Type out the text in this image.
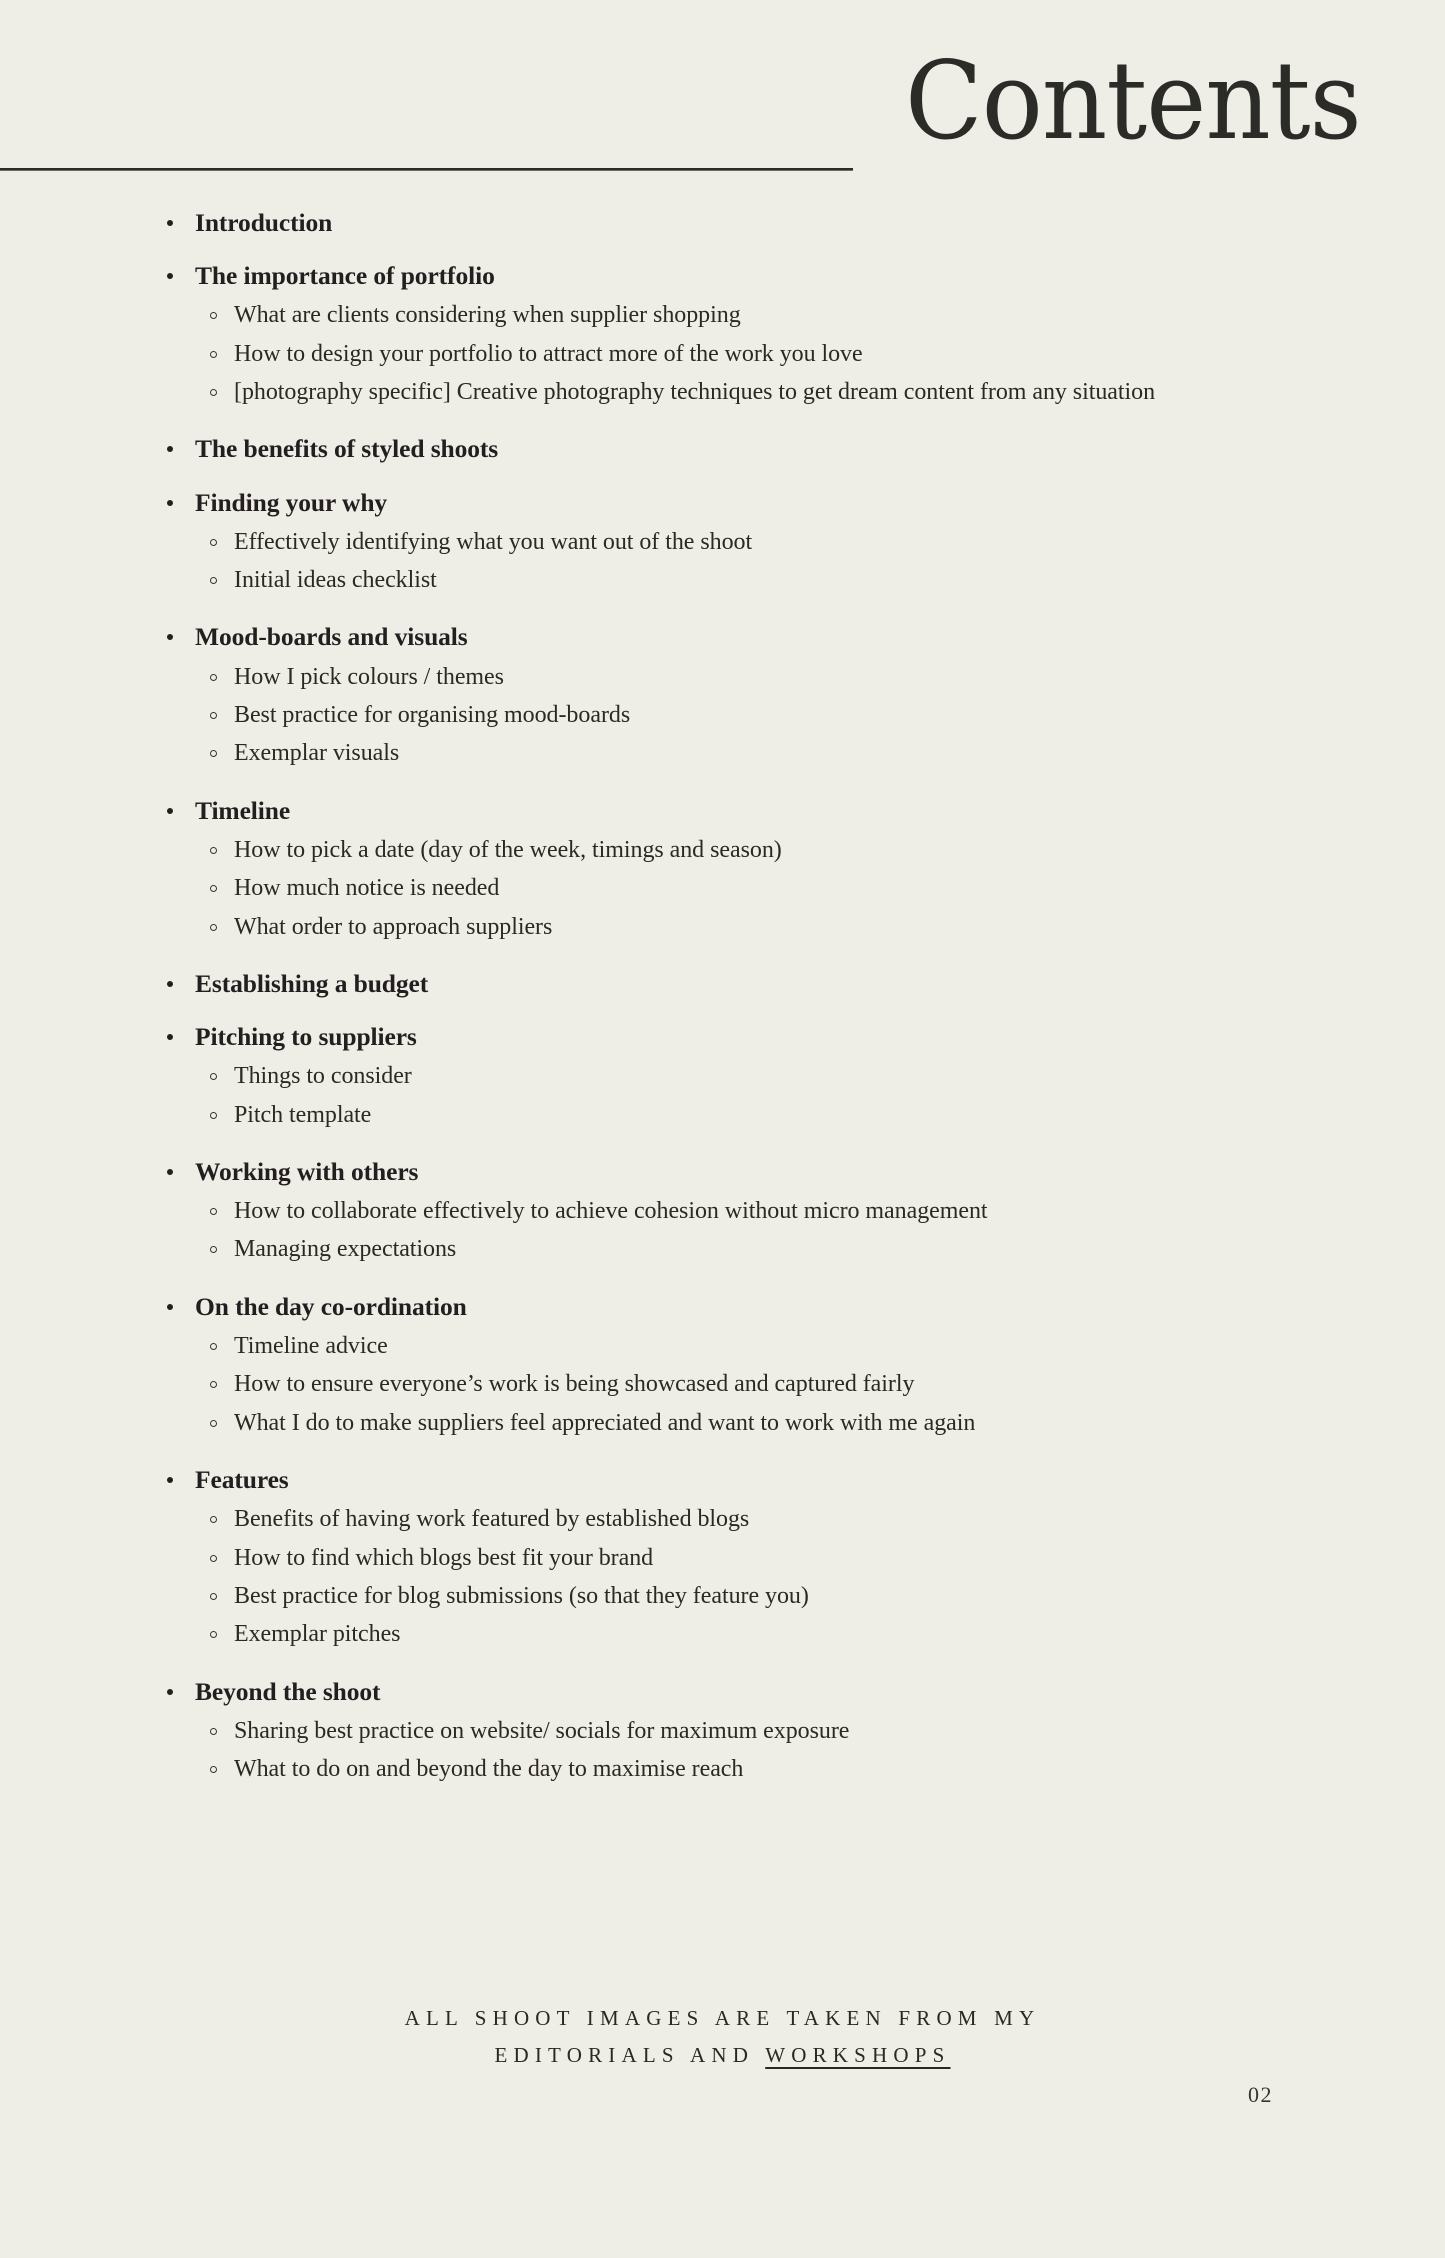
Contents
Introduction
The importance of portfolio
What are clients considering when supplier shopping
How to design your portfolio to attract more of the work you love
[photography specific] Creative photography techniques to get dream content from any situation
The benefits of styled shoots
Finding your why
Effectively identifying what you want out of the shoot
Initial ideas checklist
Mood-boards and visuals
How I pick colours / themes
Best practice for organising mood-boards
Exemplar visuals
Timeline
How to pick a date (day of the week, timings and season)
How much notice is needed
What order to approach suppliers
Establishing a budget
Pitching to suppliers
Things to consider
Pitch template
Working with others
How to collaborate effectively to achieve cohesion without micro management
Managing expectations
On the day co-ordination
Timeline advice
How to ensure everyone’s work is being showcased and captured fairly
What I do to make suppliers feel appreciated and want to work with me again
Features
Benefits of having work featured by established blogs
How to find which blogs best fit your brand
Best practice for blog submissions (so that they feature you)
Exemplar pitches
Beyond the shoot
Sharing best practice on website/ socials for maximum exposure
What to do on and beyond the day to maximise reach
ALL SHOOT IMAGES ARE TAKEN FROM MY
EDITORIALS AND WORKSHOPS
02
